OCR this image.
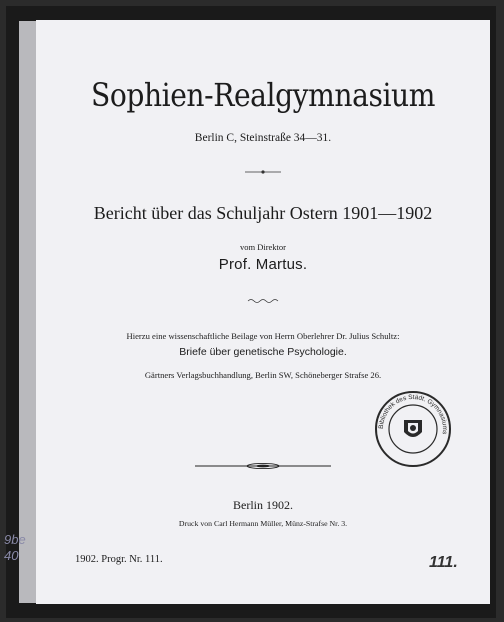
Sophien-Realgymnasium
Berlin C, Steinstraße 34—31.
Bericht über das Schuljahr Ostern 1901—1902
vom Direktor
Prof. Martus.
Hierzu eine wissenschaftliche Beilage von Herrn Oberlehrer Dr. Julius Schultz:
Briefe über genetische Psychologie.
Gärtners Verlagsbuchhandlung, Berlin SW, Schöneberger Strafse 26.
Berlin 1902.
Druck von Carl Hermann Müller, Münz-Strafse Nr. 3.
1902. Progr. Nr. 111.	111.
Bibliothek des Städt. Gymnasiums
9be
40
